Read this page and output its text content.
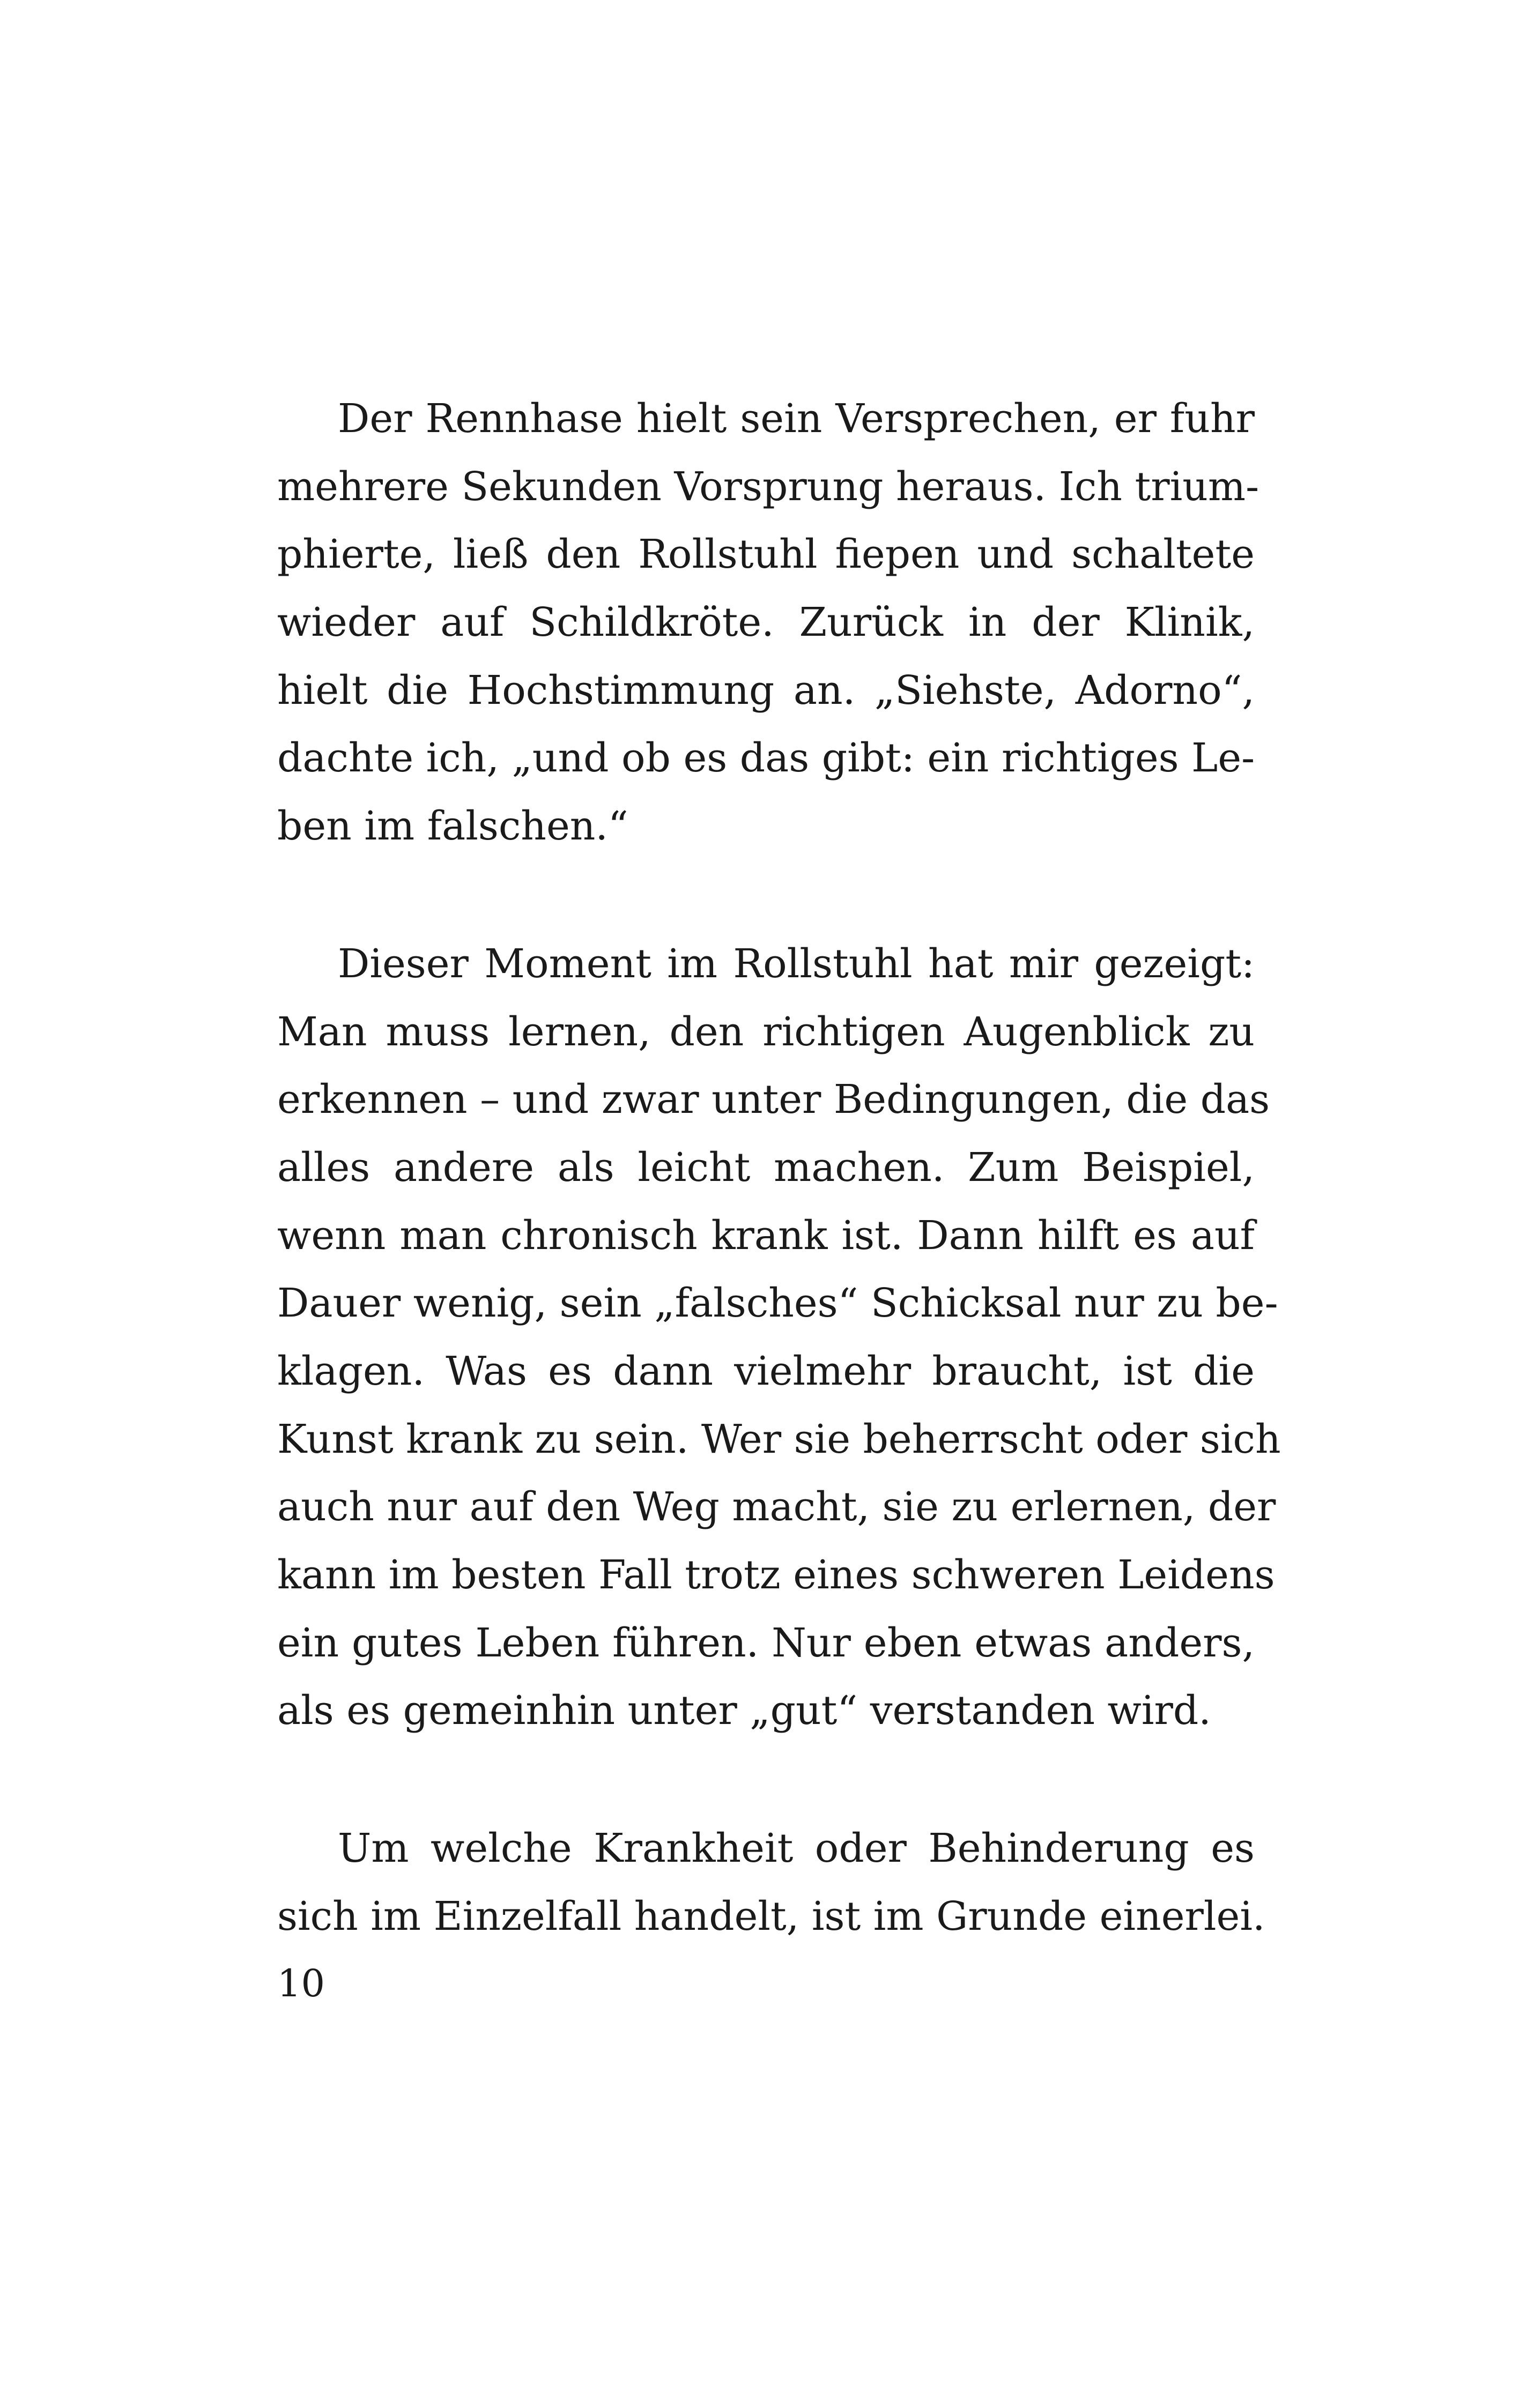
Der Rennhase hielt sein Versprechen, er fuhr
mehrere Sekunden Vorsprung heraus. Ich trium-
phierte, ließ den Rollstuhl fiepen und schaltete
wieder auf Schildkröte. Zurück in der Klinik,
hielt die Hochstimmung an. „Siehste, Adorno“,
dachte ich, „und ob es das gibt: ein richtiges Le-
ben im falschen.“

Dieser Moment im Rollstuhl hat mir gezeigt:
Man muss lernen, den richtigen Augenblick zu
erkennen – und zwar unter Bedingungen, die das
alles andere als leicht machen. Zum Beispiel,
wenn man chronisch krank ist. Dann hilft es auf
Dauer wenig, sein „falsches“ Schicksal nur zu be-
klagen. Was es dann vielmehr braucht, ist die
Kunst krank zu sein. Wer sie beherrscht oder sich
auch nur auf den Weg macht, sie zu erlernen, der
kann im besten Fall trotz eines schweren Leidens
ein gutes Leben führen. Nur eben etwas anders,
als es gemeinhin unter „gut“ verstanden wird.

Um welche Krankheit oder Behinderung es
sich im Einzelfall handelt, ist im Grunde einerlei.

10
